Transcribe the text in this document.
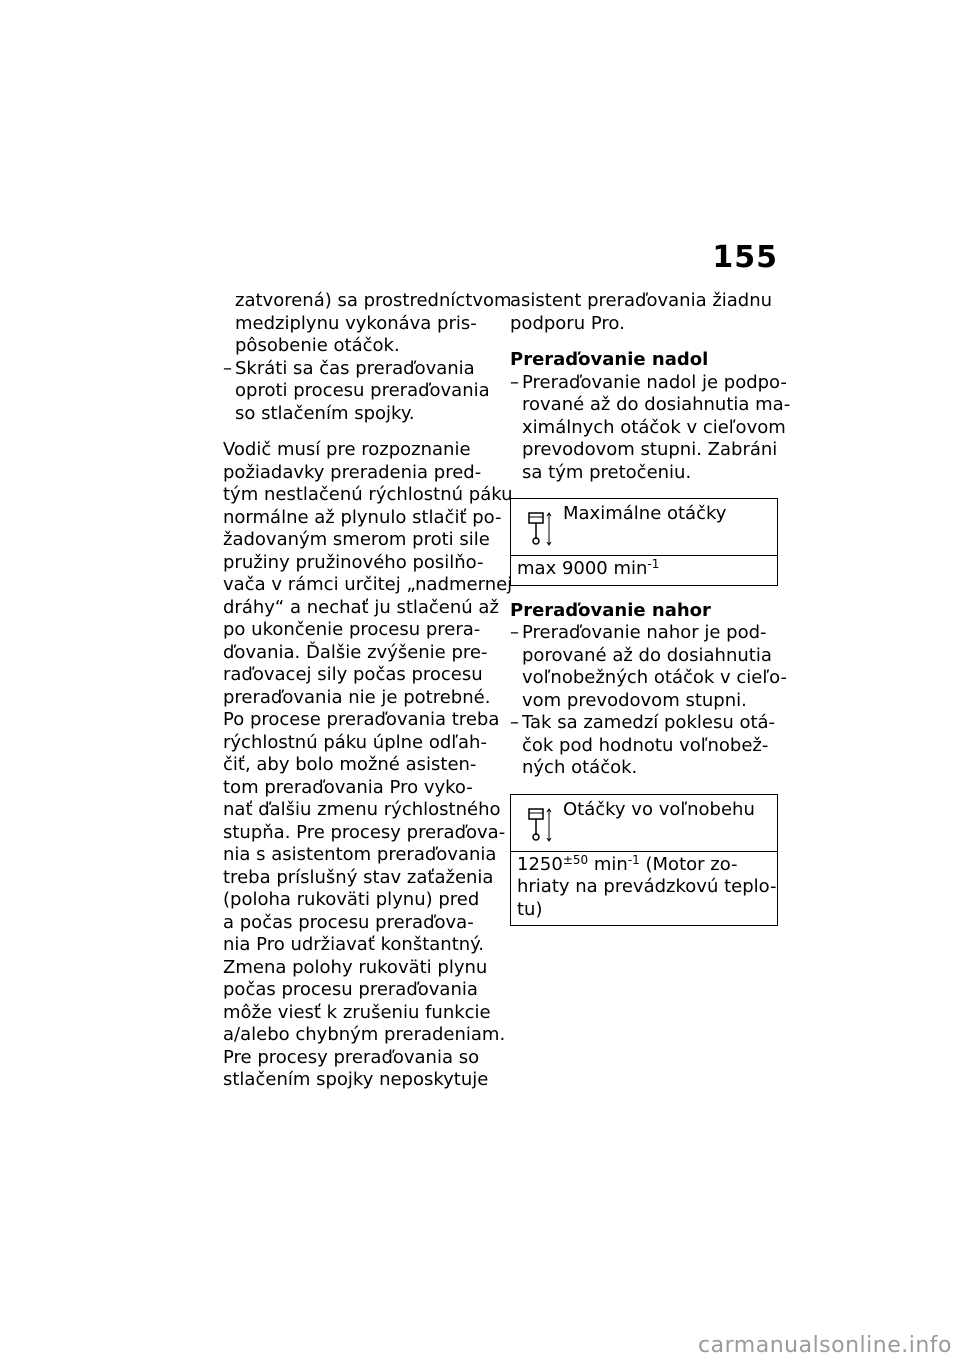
155
zatvorená) sa prostredníctvom
medziplynu vykonáva pris-
pôsobenie otáčok.
– Skráti sa čas preraďovania
oproti procesu preraďovania
so stlačením spojky.
Vodič musí pre rozpoznanie
požiadavky preradenia pred-
tým nestlačenú rýchlostnú páku
normálne až plynulo stlačiť po-
žadovaným smerom proti sile
pružiny pružinového posilňo-
vača v rámci určitej „nadmernej
dráhy“ a nechať ju stlačenú až
po ukončenie procesu prera-
ďovania. Ďalšie zvýšenie pre-
raďovacej sily počas procesu
preraďovania nie je potrebné.
Po procese preraďovania treba
rýchlostnú páku úplne odľah-
čiť, aby bolo možné asisten-
tom preraďovania Pro vyko-
nať ďalšiu zmenu rýchlostného
stupňa. Pre procesy preraďova-
nia s asistentom preraďovania
treba príslušný stav zaťaženia
(poloha rukoväti plynu) pred
a počas procesu preraďova-
nia Pro udržiavať konštantný.
Zmena polohy rukoväti plynu
počas procesu preraďovania
môže viesť k zrušeniu funkcie
a/alebo chybným preradeniam.
Pre procesy preraďovania so
stlačením spojky neposkytuje
asistent preraďovania žiadnu
podporu Pro.
Preraďovanie nadol
– Preraďovanie nadol je podpo-
rované až do dosiahnutia ma-
ximálnych otáčok v cieľovom
prevodovom stupni. Zabráni
sa tým pretočeniu.
Maximálne otáčky
max 9000 $\min^{-1}$
Preraďovanie nahor
– Preraďovanie nahor je pod-
porované až do dosiahnutia
voľnobežných otáčok v cieľo-
vom prevodovom stupni.
– Tak sa zamedzí poklesu otá-
čok pod hodnotu voľnobež-
ných otáčok.
Otáčky vo voľnobehu
$1250^{\pm 50}$ $\min^{-1}$ (Motor zo-
hriaty na prevádzkovú teplo-
tu)
carmanualsonline.info
